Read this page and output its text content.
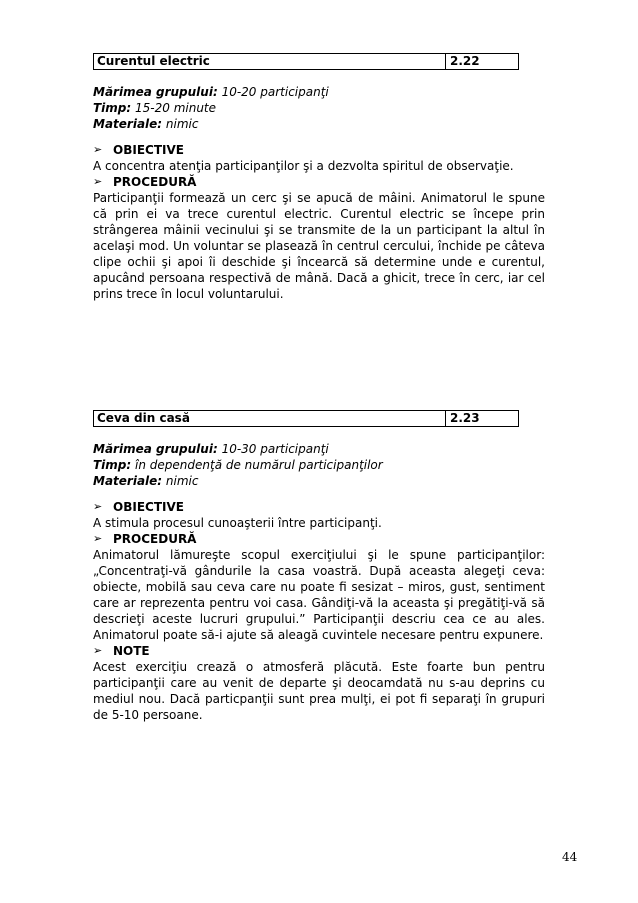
Curentul electric	2.22
Mărimea grupului: 10-20 participanţi
Timp: 15-20 minute
Materiale: nimic
➢ OBIECTIVE
A concentra atenţia participanţilor şi a dezvolta spiritul de observaţie.
➢ PROCEDURĂ
Participanţii formează un cerc şi se apucă de mâini. Animatorul le spune că prin ei va trece curentul electric. Curentul electric se începe prin strângerea mâinii vecinului şi se transmite de la un participant la altul în acelaşi mod. Un voluntar se plasează în centrul cercului, închide pe câteva clipe ochii şi apoi îi deschide şi încearcă să determine unde e curentul, apucând persoana respectivă de mână. Dacă a ghicit, trece în cerc, iar cel prins trece în locul voluntarului.
Ceva din casă	2.23
Mărimea grupului: 10-30 participanţi
Timp: în dependenţă de numărul participanţilor
Materiale: nimic
➢ OBIECTIVE
A stimula procesul cunoaşterii între participanţi.
➢ PROCEDURĂ
Animatorul lămureşte scopul exerciţiului şi le spune participanţilor: „Concentraţi-vă gândurile la casa voastră. După aceasta alegeţi ceva: obiecte, mobilă sau ceva care nu poate fi sesizat – miros, gust, sentiment care ar reprezenta pentru voi casa. Gândiţi-vă la aceasta şi pregătiţi-vă să descrieţi aceste lucruri grupului.” Participanţii descriu cea ce au ales. Animatorul poate să-i ajute să aleagă cuvintele necesare pentru expunere.
➢ NOTE
Acest exerciţiu crează o atmosferă plăcută. Este foarte bun pentru participanţii care au venit de departe şi deocamdată nu s-au deprins cu mediul nou. Dacă particpanţii sunt prea mulţi, ei pot fi separaţi în grupuri de 5-10 persoane.
44
